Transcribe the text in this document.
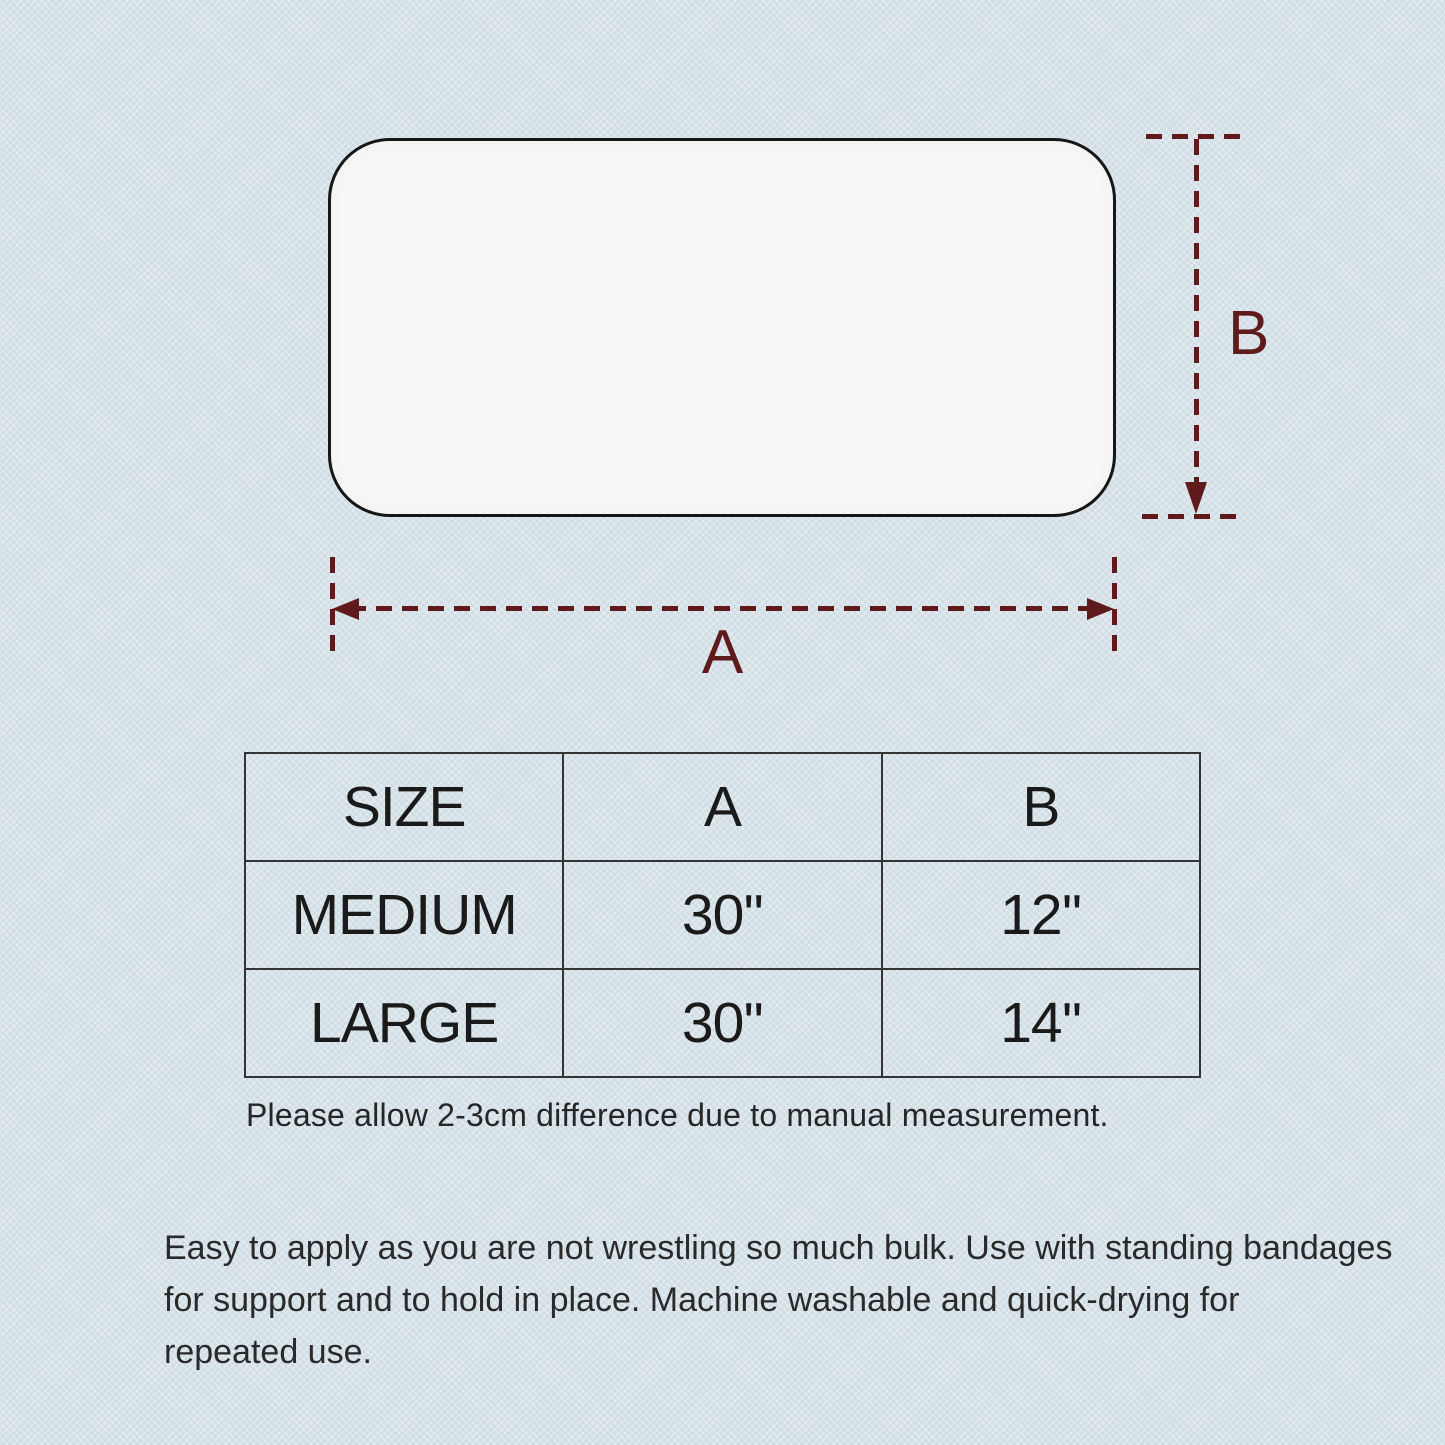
A
B
SIZE	A	B
MEDIUM	30''	12''
LARGE	30''	14''
Please allow 2-3cm difference due to manual measurement.
Easy to apply as you are not wrestling so much bulk. Use with standing bandages
for support and to hold in place. Machine washable and quick-drying for
repeated use.
